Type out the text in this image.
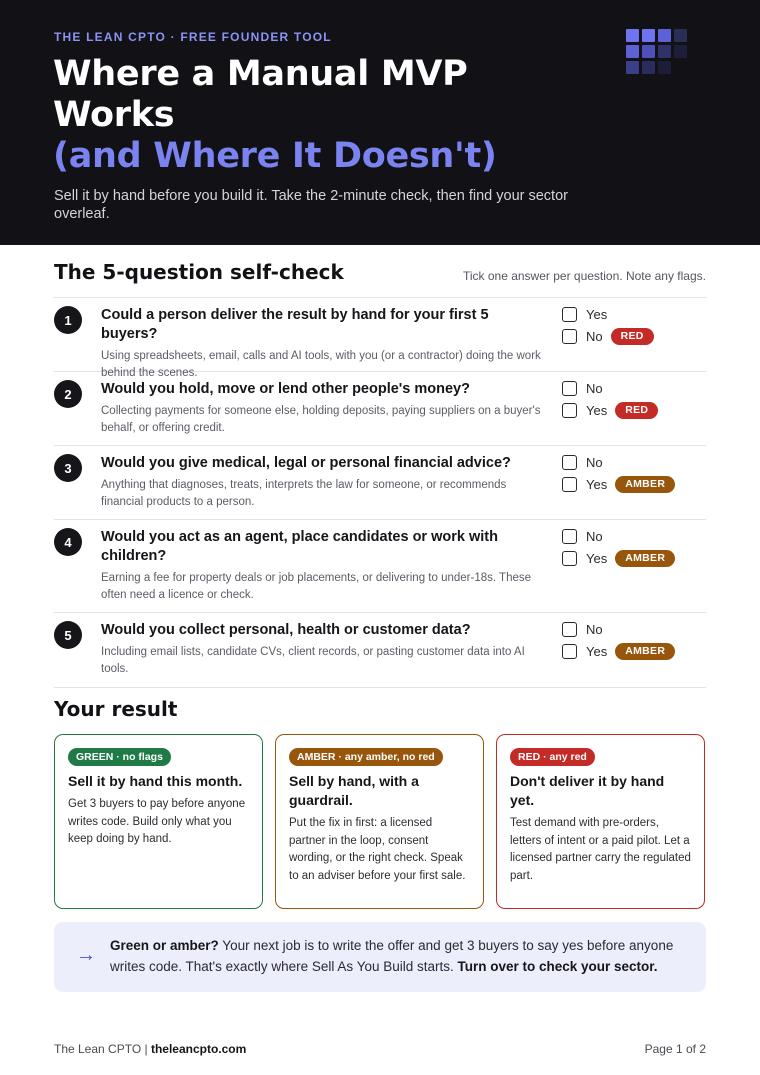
THE LEAN CPTO · FREE FOUNDER TOOL
Where a Manual MVP
Works
(and Where It Doesn't)
Sell it by hand before you build it. Take the 2-minute check, then find your sector overleaf.
The 5-question self-check	Tick one answer per question. Note any flags.
1	Could a person deliver the result by hand for your first 5 buyers?
Using spreadsheets, email, calls and AI tools, with you (or a contractor) doing the work behind the scenes.
Yes
No	RED
2	Would you hold, move or lend other people's money?
Collecting payments for someone else, holding deposits, paying suppliers on a buyer's behalf, or offering credit.
No
Yes	RED
3	Would you give medical, legal or personal financial advice?
Anything that diagnoses, treats, interprets the law for someone, or recommends financial products to a person.
No
Yes	AMBER
4	Would you act as an agent, place candidates or work with children?
Earning a fee for property deals or job placements, or delivering to under-18s. These often need a licence or check.
No
Yes	AMBER
5	Would you collect personal, health or customer data?
Including email lists, candidate CVs, client records, or pasting customer data into AI tools.
No
Yes	AMBER
Your result
GREEN · no flags
Sell it by hand this month.
Get 3 buyers to pay before anyone writes code. Build only what you keep doing by hand.
AMBER · any amber, no red
Sell by hand, with a guardrail.
Put the fix in first: a licensed partner in the loop, consent wording, or the right check. Speak to an adviser before your first sale.
RED · any red
Don't deliver it by hand yet.
Test demand with pre-orders, letters of intent or a paid pilot. Let a licensed partner carry the regulated part.
→ Green or amber? Your next job is to write the offer and get 3 buyers to say yes before anyone writes code. That's exactly where Sell As You Build starts. Turn over to check your sector.
The Lean CPTO | theleancpto.com	Page 1 of 2
